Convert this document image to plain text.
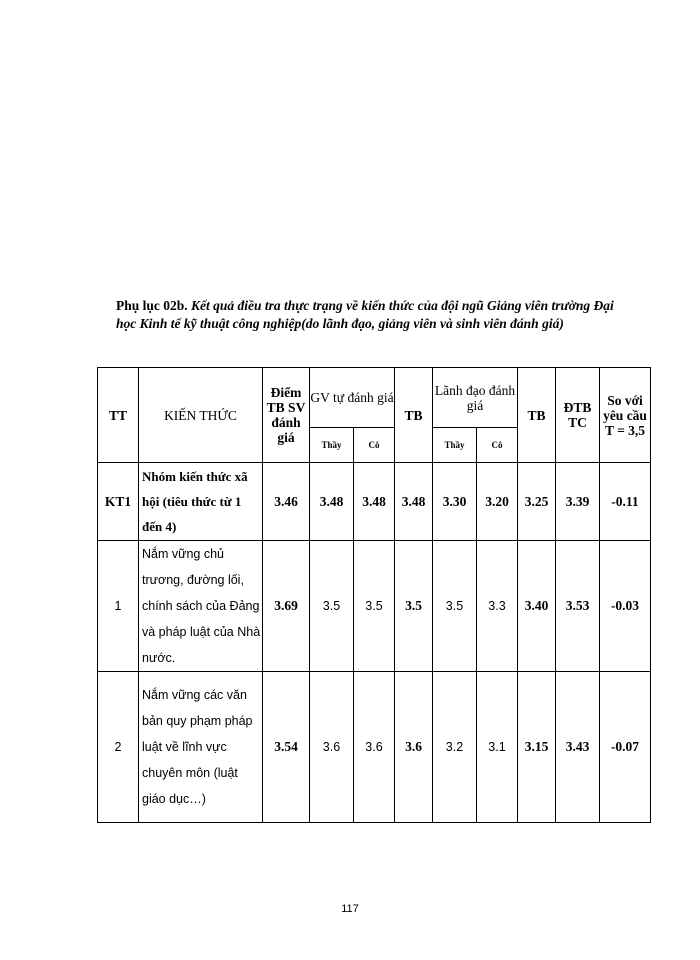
Phụ lục 02b. Kết quả điều tra thực trạng về kiến thức của đội ngũ Giảng viên trường Đại học Kinh tế kỹ thuật công nghiệp(do lãnh đạo, giảng viên và sinh viên đánh giá)
TT	KIẾN THỨC	Điểm TB SV đánh giá	GV tự đánh giá		TB	Lãnh đạo đánh giá		TB	ĐTB TC	So với yêu cầu T = 3,5
			Thầy	Cô		Thầy	Cô			
KT1	Nhóm kiến thức xã hội (tiêu thức từ 1 đến 4)	3.46	3.48	3.48	3.48	3.30	3.20	3.25	3.39	-0.11
1	Nắm vững chủ trương, đường lối, chính sách của Đảng và pháp luật của Nhà nước.	3.69	3.5	3.5	3.5	3.5	3.3	3.40	3.53	-0.03
2	Nắm vững các văn bản quy phạm pháp luật về lĩnh vực chuyên môn (luật giáo dục…)	3.54	3.6	3.6	3.6	3.2	3.1	3.15	3.43	-0.07
117
